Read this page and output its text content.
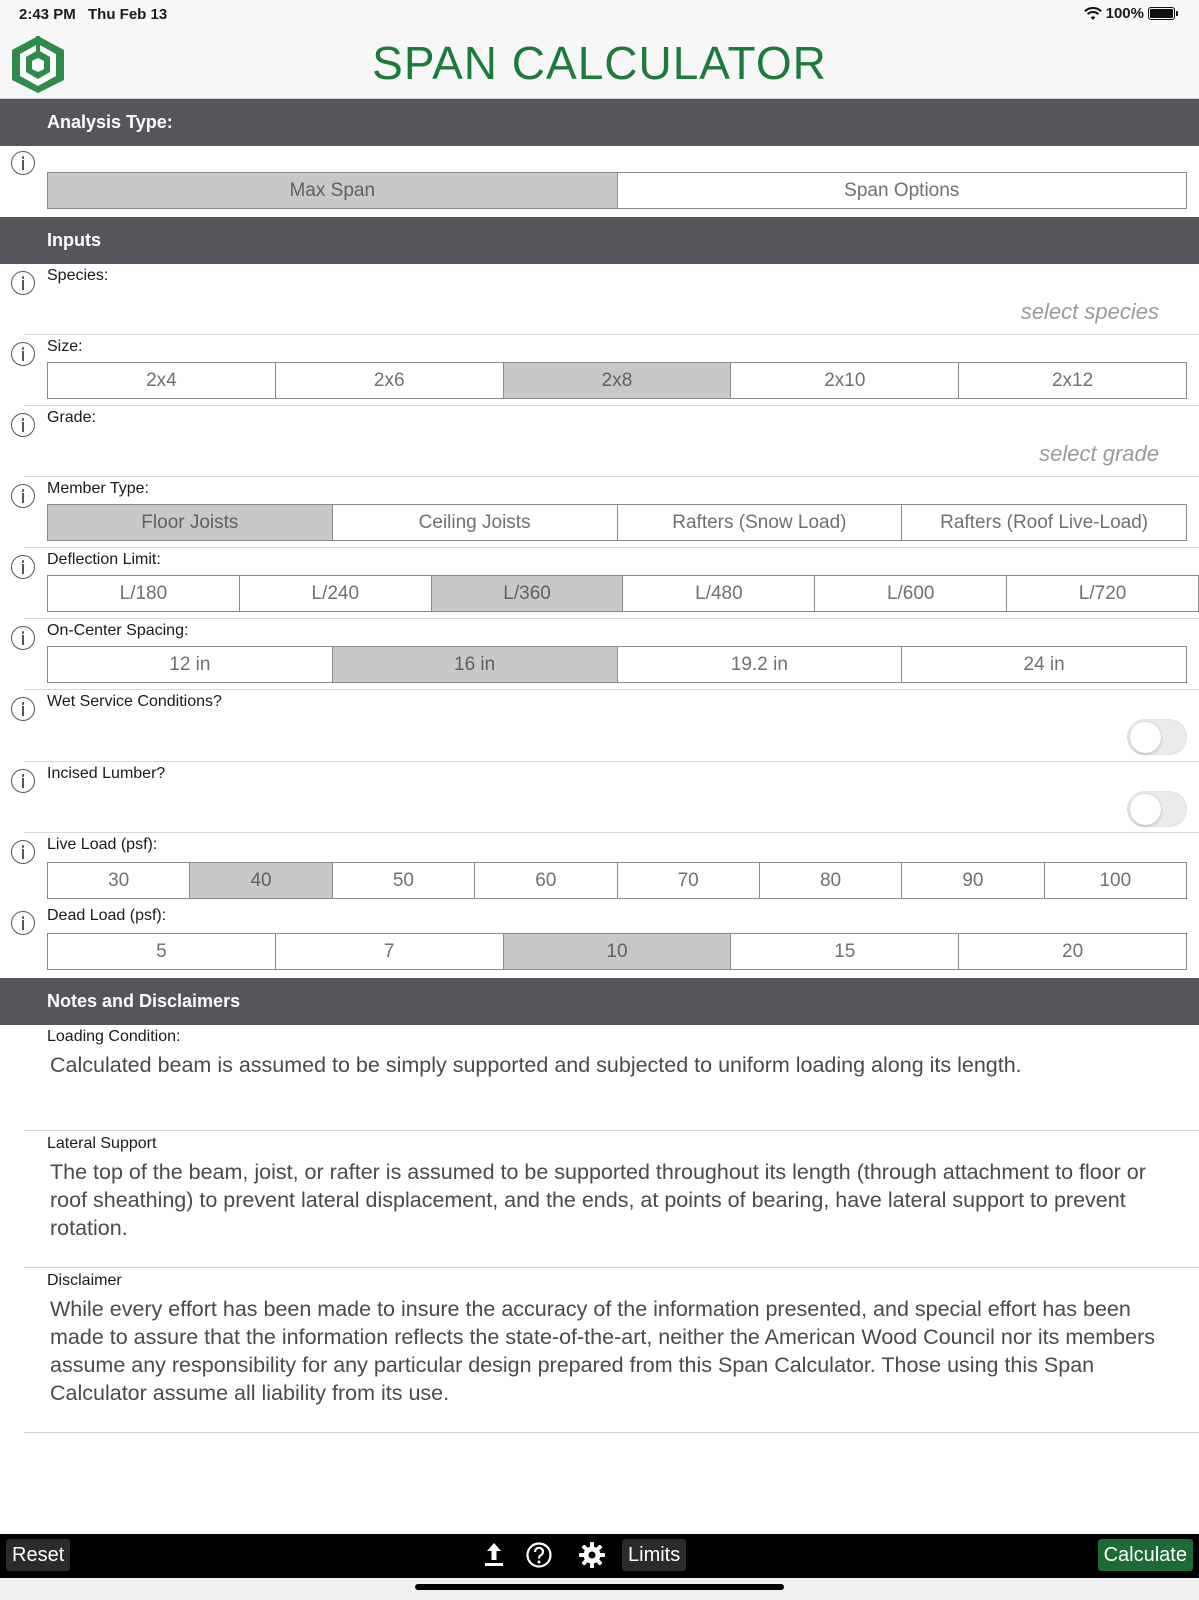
2:43 PM Thu Feb 13	100%
SPAN CALCULATOR
Analysis Type:
Max Span	Span Options
Inputs
Species:
select species
Size:
2x4	2x6	2x8	2x10	2x12
Grade:
select grade
Member Type:
Floor Joists	Ceiling Joists	Rafters (Snow Load)	Rafters (Roof Live-Load)
Deflection Limit:
L/180	L/240	L/360	L/480	L/600	L/720
On-Center Spacing:
12 in	16 in	19.2 in	24 in
Wet Service Conditions?
Incised Lumber?
Live Load (psf):
30	40	50	60	70	80	90	100
Dead Load (psf):
5	7	10	15	20
Notes and Disclaimers
Loading Condition:
Calculated beam is assumed to be simply supported and subjected to uniform loading along its length.
Lateral Support
The top of the beam, joist, or rafter is assumed to be supported throughout its length (through attachment to floor or roof sheathing) to prevent lateral displacement, and the ends, at points of bearing, have lateral support to prevent rotation.
Disclaimer
While every effort has been made to insure the accuracy of the information presented, and special effort has been made to assure that the information reflects the state-of-the-art, neither the American Wood Council nor its members assume any responsibility for any particular design prepared from this Span Calculator. Those using this Span Calculator assume all liability from its use.
Reset	Limits	Calculate
